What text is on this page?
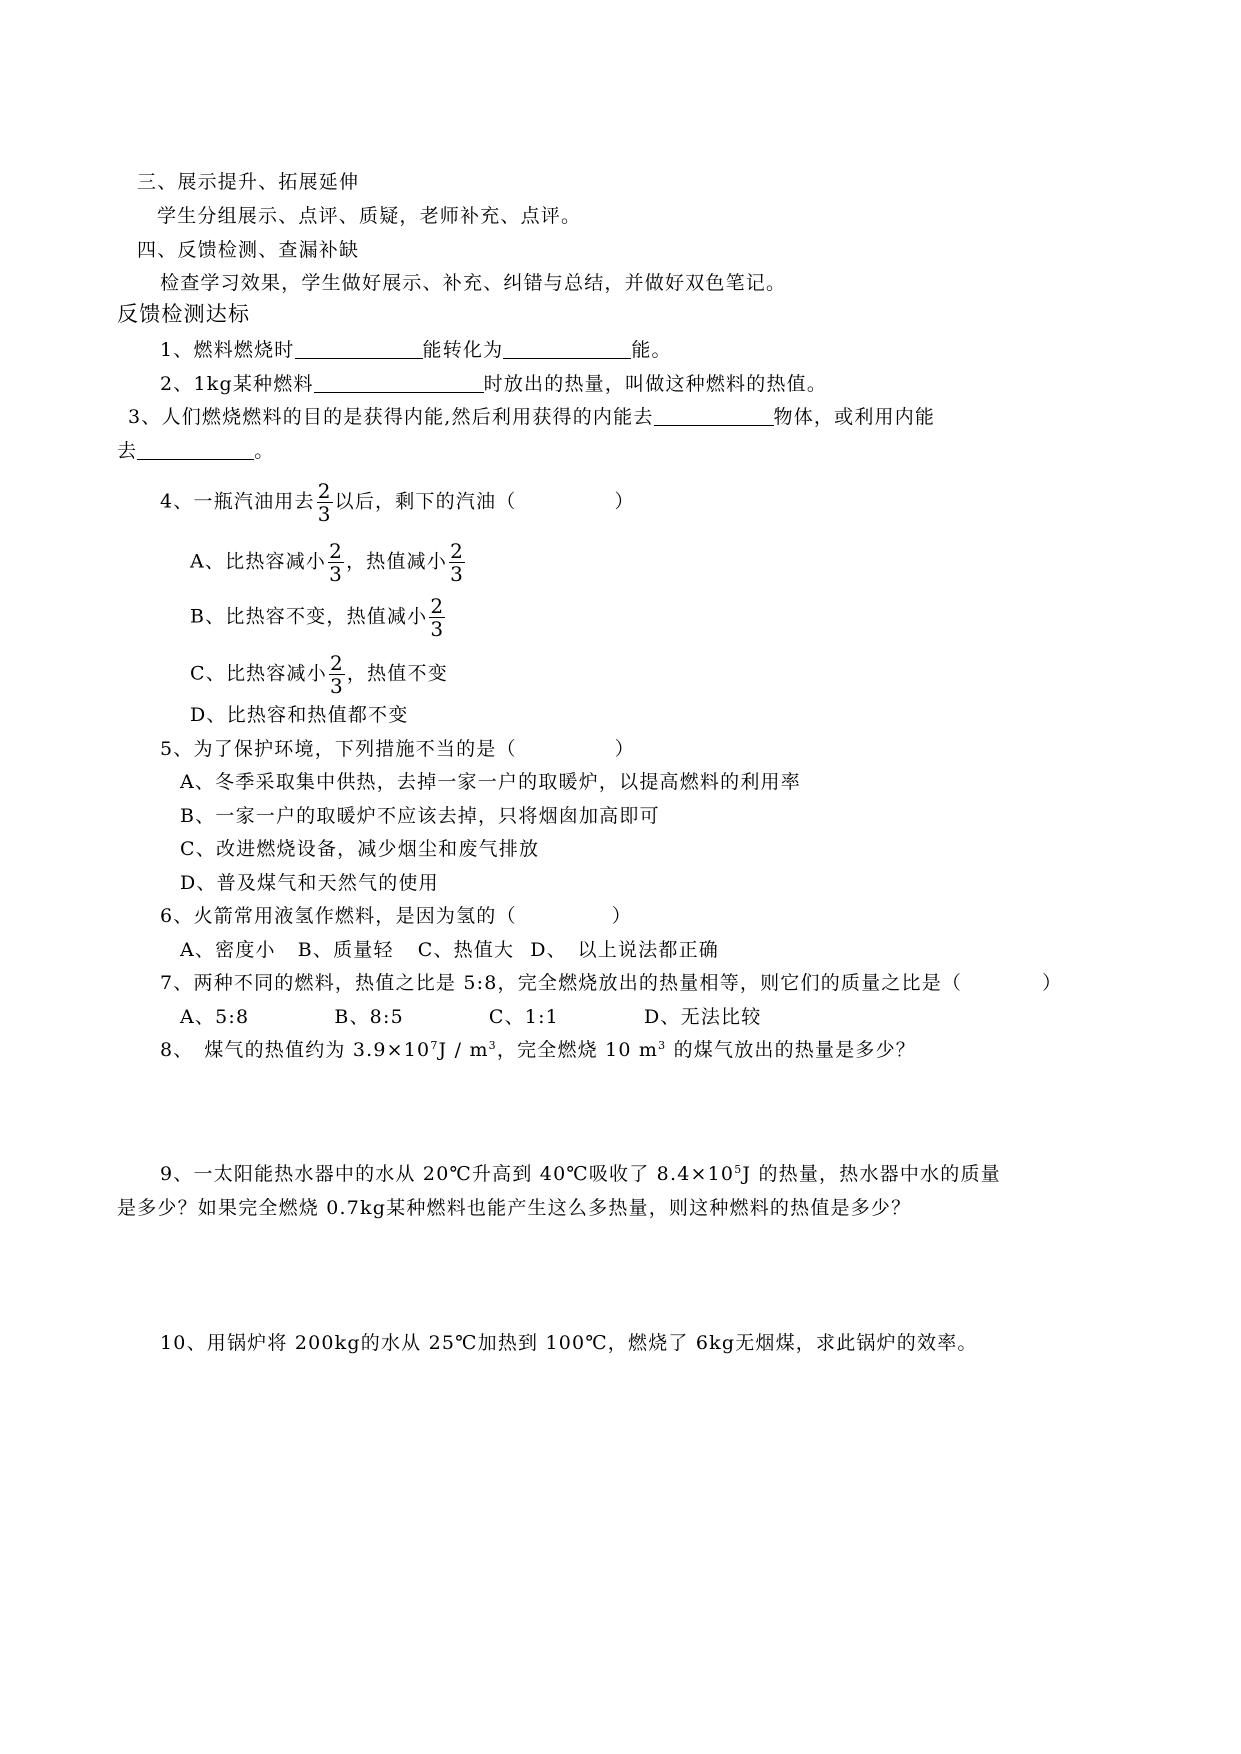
三、展示提升、拓展延伸
学生分组展示、点评、质疑，老师补充、点评。
四、反馈检测、查漏补缺
检查学习效果，学生做好展示、补充、纠错与总结，并做好双色笔记。
反馈检测达标
1、燃料燃烧时	能转化为	能。
2、1kg某种燃料	时放出的热量，叫做这种燃料的热值。
3、人们燃烧燃料的目的是获得内能,然后利用获得的内能去	物体，或利用内能
去	。
4、一瓶汽油用去 $\frac{2}{3}$ 以后，剩下的汽油（	）
A、比热容减小 $\frac{2}{3}$ ，热值减小 $\frac{2}{3}$
B、比热容不变，热值减小 $\frac{2}{3}$
C、比热容减小 $\frac{2}{3}$ ，热值不变
D、比热容和热值都不变
5、为了保护环境，下列措施不当的是（	）
A、冬季采取集中供热，去掉一家一户的取暖炉，以提高燃料的利用率
B、一家一户的取暖炉不应该去掉，只将烟囱加高即可
C、改进燃烧设备，减少烟尘和废气排放
D、普及煤气和天然气的使用
6、火箭常用液氢作燃料，是因为氢的（	）
A、密度小 B、质量轻 C、热值大 D、　以上说法都正确
7、两种不同的燃料，热值之比是 5:8，完全燃烧放出的热量相等，则它们的质量之比是（	）
A、5:8	B、8:5	C、1:1	D、无法比较
8、　煤气的热值约为 $3.9\times 10^7J / m^3$，完全燃烧 10 $m^3$ 的煤气放出的热量是多少？
9、一太阳能热水器中的水从 20℃升高到 40℃吸收了 $8.4\times 10^5J$ 的热量，热水器中水的质量
是多少？如果完全燃烧 0.7kg某种燃料也能产生这么多热量，则这种燃料的热值是多少？
10、用锅炉将 200kg的水从 25℃加热到 100℃，燃烧了 6kg无烟煤，求此锅炉的效率。
